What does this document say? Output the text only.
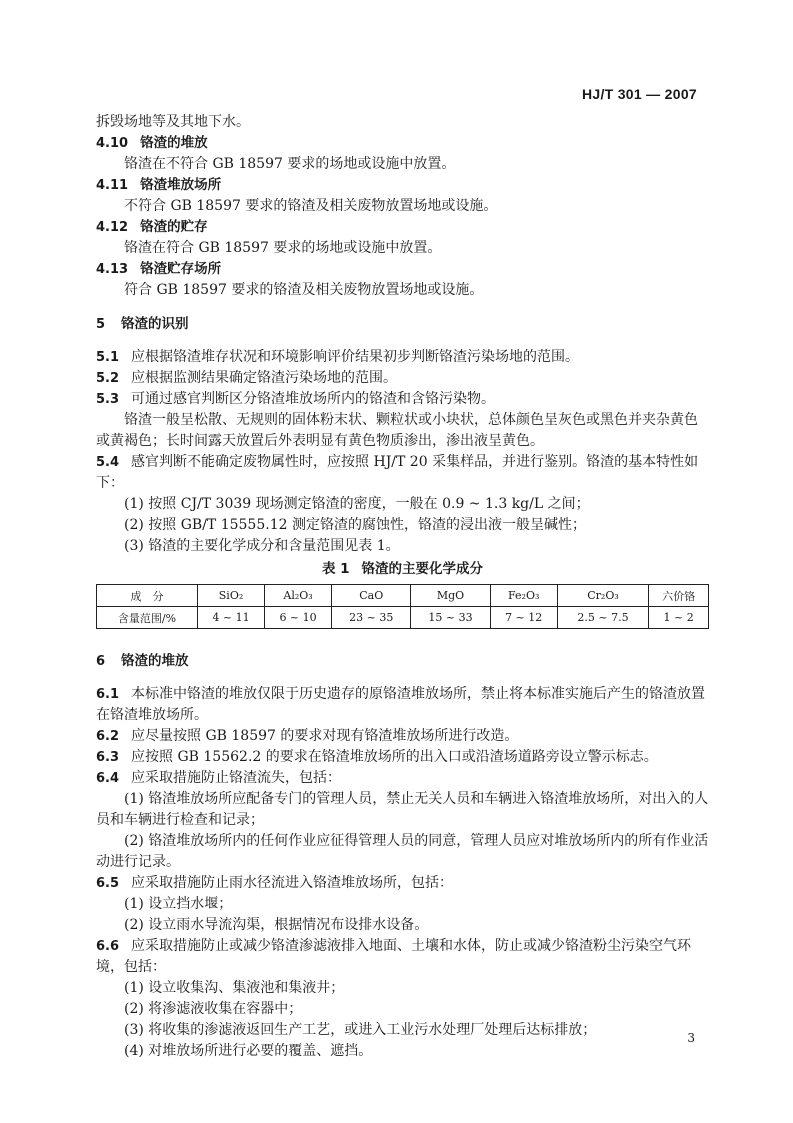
HJ/T 301 — 2007

拆毁场地等及其地下水。

4.10 铬渣的堆放

铬渣在不符合 GB 18597 要求的场地或设施中放置。

4.11 铬渣堆放场所

不符合 GB 18597 要求的铬渣及相关废物放置场地或设施。

4.12 铬渣的贮存

铬渣在符合 GB 18597 要求的场地或设施中放置。

4.13 铬渣贮存场所

符合 GB 18597 要求的铬渣及相关废物放置场地或设施。

5 铬渣的识别

5.1 应根据铬渣堆存状况和环境影响评价结果初步判断铬渣污染场地的范围。

5.2 应根据监测结果确定铬渣污染场地的范围。

5.3 可通过感官判断区分铬渣堆放场所内的铬渣和含铬污染物。

铬渣一般呈松散、无规则的固体粉末状、颗粒状或小块状，总体颜色呈灰色或黑色并夹杂黄色或黄褐色；长时间露天放置后外表明显有黄色物质渗出，渗出液呈黄色。

5.4 感官判断不能确定废物属性时，应按照 HJ/T 20 采集样品，并进行鉴别。铬渣的基本特性如下：

(1) 按照 CJ/T 3039 现场测定铬渣的密度，一般在 0.9 ~ 1.3 kg/L 之间；

(2) 按照 GB/T 15555.12 测定铬渣的腐蚀性，铬渣的浸出液一般呈碱性；

(3) 铬渣的主要化学成分和含量范围见表 1。

表 1 铬渣的主要化学成分

成　分	SiO₂	Al₂O₃	CaO	MgO	Fe₂O₃	Cr₂O₃	六价铬
含量范围/%	4 ~ 11	6 ~ 10	23 ~ 35	15 ~ 33	7 ~ 12	2.5 ~ 7.5	1 ~ 2

6 铬渣的堆放

6.1 本标准中铬渣的堆放仅限于历史遗存的原铬渣堆放场所，禁止将本标准实施后产生的铬渣放置在铬渣堆放场所。

6.2 应尽量按照 GB 18597 的要求对现有铬渣堆放场所进行改造。

6.3 应按照 GB 15562.2 的要求在铬渣堆放场所的出入口或沿渣场道路旁设立警示标志。

6.4 应采取措施防止铬渣流失，包括：

(1) 铬渣堆放场所应配备专门的管理人员，禁止无关人员和车辆进入铬渣堆放场所，对出入的人员和车辆进行检查和记录；

(2) 铬渣堆放场所内的任何作业应征得管理人员的同意，管理人员应对堆放场所内的所有作业活动进行记录。

6.5 应采取措施防止雨水径流进入铬渣堆放场所，包括：

(1) 设立挡水堰；

(2) 设立雨水导流沟渠，根据情况布设排水设备。

6.6 应采取措施防止或减少铬渣渗滤液排入地面、土壤和水体，防止或减少铬渣粉尘污染空气环境，包括：

(1) 设立收集沟、集液池和集液井；

(2) 将渗滤液收集在容器中；

(3) 将收集的渗滤液返回生产工艺，或进入工业污水处理厂处理后达标排放；

(4) 对堆放场所进行必要的覆盖、遮挡。

3
